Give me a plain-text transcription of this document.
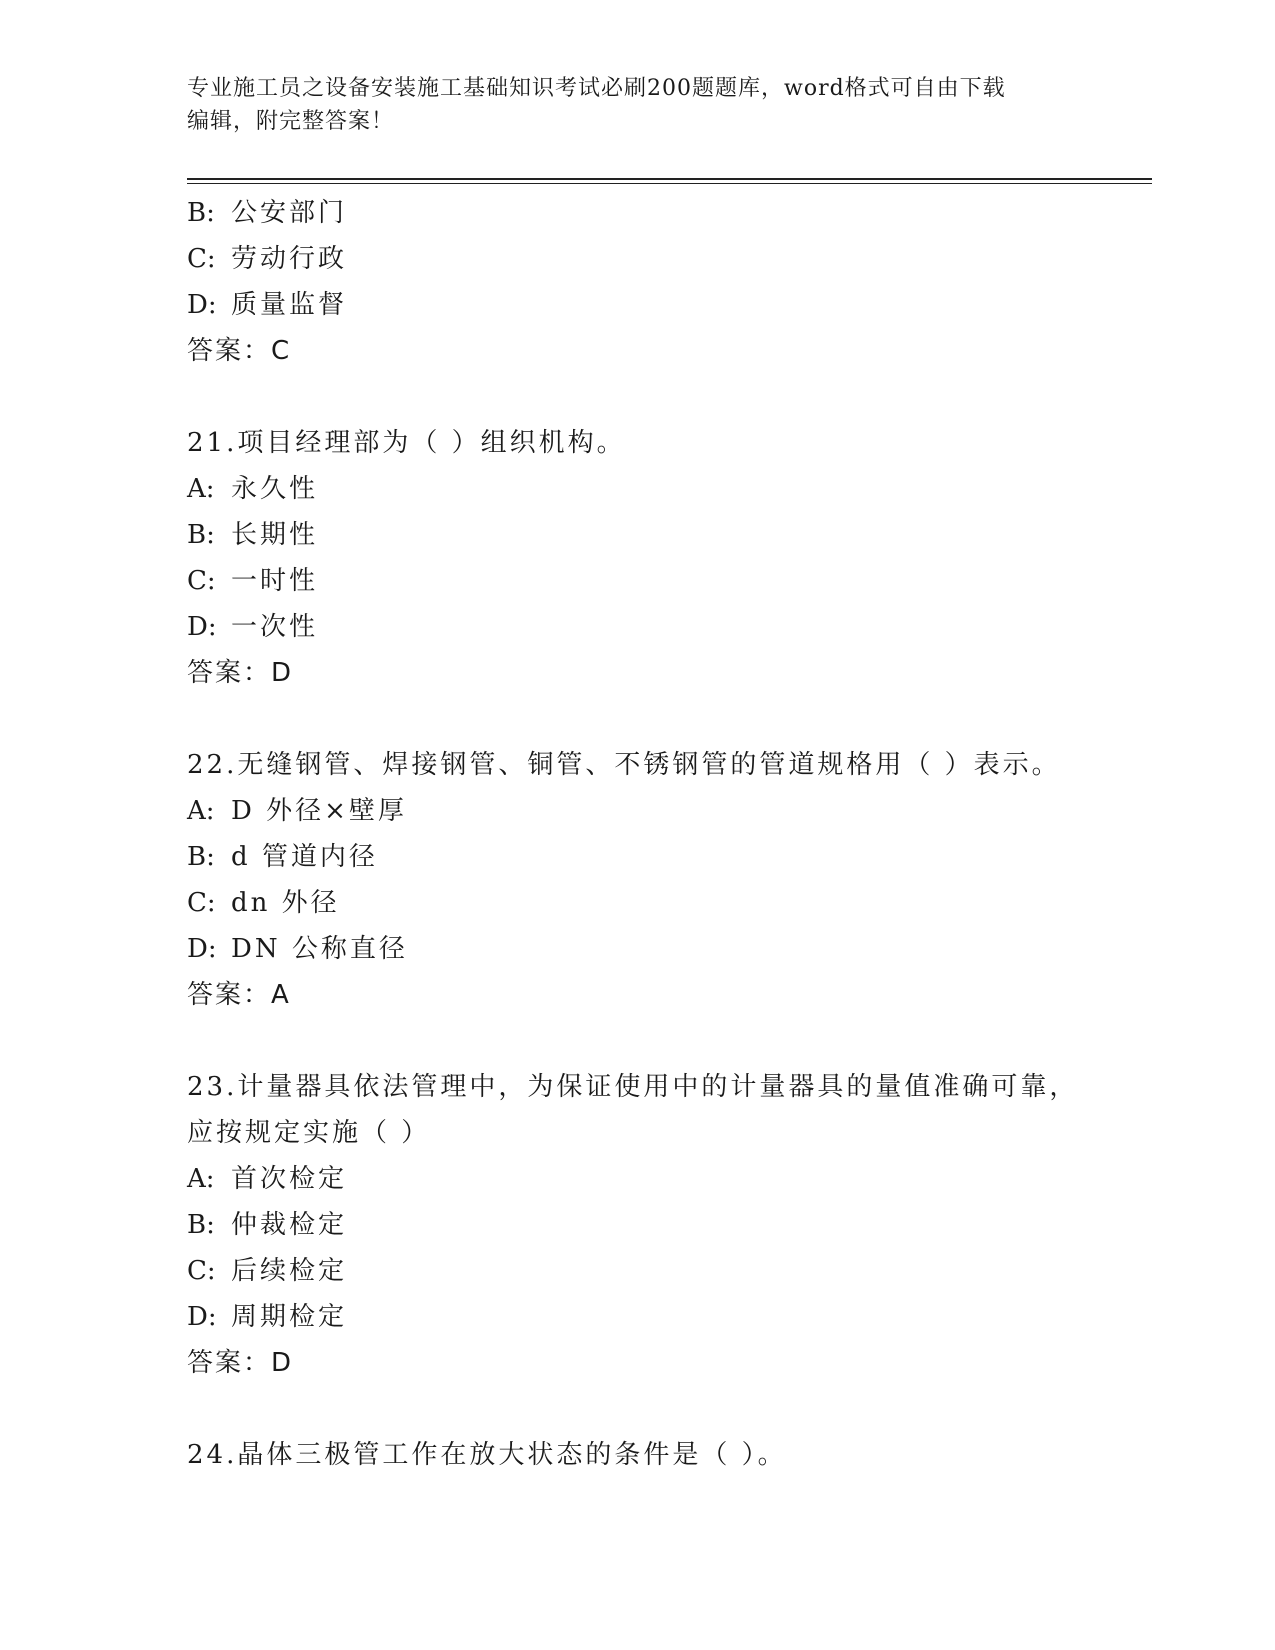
专业施工员之设备安装施工基础知识考试必刷200题题库，word格式可自由下载
编辑，附完整答案！
B: 公安部门
C: 劳动行政
D: 质量监督
答案：C
21.项目经理部为（ ）组织机构。
A: 永久性
B: 长期性
C: 一时性
D: 一次性
答案：D
22.无缝钢管、焊接钢管、铜管、不锈钢管的管道规格用（ ）表示。
A: D 外径×壁厚
B: d 管道内径
C: dn 外径
D: DN 公称直径
答案：A
23.计量器具依法管理中，为保证使用中的计量器具的量值准确可靠，
应按规定实施（ ）
A: 首次检定
B: 仲裁检定
C: 后续检定
D: 周期检定
答案：D
24.晶体三极管工作在放大状态的条件是（ ）。
